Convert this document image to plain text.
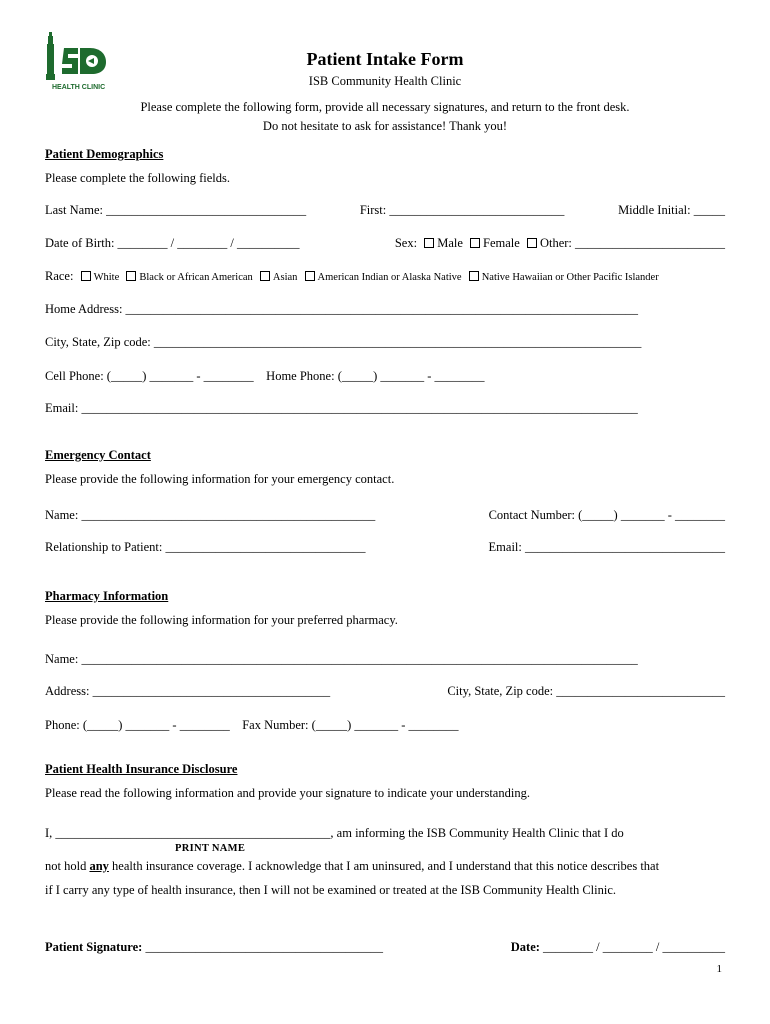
HEALTH CLINIC
Patient Intake Form
ISB Community Health Clinic
Please complete the following form, provide all necessary signatures, and return to the front desk.
Do not hesitate to ask for assistance! Thank you!
Patient Demographics
Please complete the following fields.
Last Name: ________________________________	First: ____________________________	Middle Initial: _____
Date of Birth: ________ / ________ / __________	Sex: Male Female Other: ________________________
Race: White Black or African American Asian American Indian or Alaska Native Native Hawaiian or Other Pacific Islander
Home Address: __________________________________________________________________________________
City, State, Zip code: ______________________________________________________________________________
Cell Phone: (_____) _______ - ________ Home Phone: (_____) _______ - ________
Email: _________________________________________________________________________________________
Emergency Contact
Please provide the following information for your emergency contact.
Name: _______________________________________________	Contact Number: (_____) _______ - ________
Relationship to Patient: ________________________________	Email: ________________________________
Pharmacy Information
Please provide the following information for your preferred pharmacy.
Name: _________________________________________________________________________________________
Address: ______________________________________	City, State, Zip code: ___________________________
Phone: (_____) _______ - ________ Fax Number: (_____) _______ - ________
Patient Health Insurance Disclosure
Please read the following information and provide your signature to indicate your understanding.
I, ____________________________________________, am informing the ISB Community Health Clinic that I do
PRINT NAME
not hold any health insurance coverage. I acknowledge that I am uninsured, and I understand that this notice describes that
if I carry any type of health insurance, then I will not be examined or treated at the ISB Community Health Clinic.
Patient Signature: ______________________________________	Date: ________ / ________ / __________
1
